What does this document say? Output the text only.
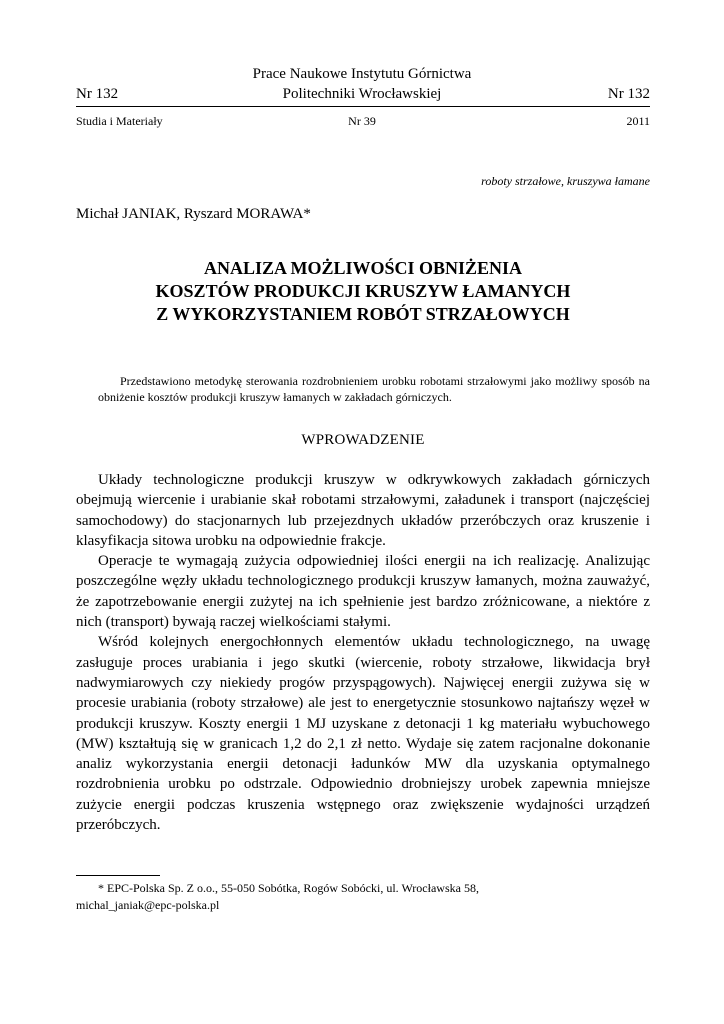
Prace Naukowe Instytutu Górnictwa
Politechniki Wrocławskiej
Nr 132	Nr 132
Studia i Materiały	Nr 39	2011
roboty strzałowe, kruszywa łamane
Michał JANIAK, Ryszard MORAWA*
ANALIZA MOŻLIWOŚCI OBNIŻENIA
KOSZTÓW PRODUKCJI KRUSZYW ŁAMANYCH
Z WYKORZYSTANIEM ROBÓT STRZAŁOWYCH
Przedstawiono metodykę sterowania rozdrobnieniem urobku robotami strzałowymi jako możliwy sposób na obniżenie kosztów produkcji kruszyw łamanych w zakładach górniczych.
WPROWADZENIE

Układy technologiczne produkcji kruszyw w odkrywkowych zakładach górniczych obejmują wiercenie i urabianie skał robotami strzałowymi, załadunek i transport (najczęściej samochodowy) do stacjonarnych lub przejezdnych układów przeróbczych oraz kruszenie i klasyfikacja sitowa urobku na odpowiednie frakcje.

Operacje te wymagają zużycia odpowiedniej ilości energii na ich realizację. Analizując poszczególne węzły układu technologicznego produkcji kruszyw łamanych, można zauważyć, że zapotrzebowanie energii zużytej na ich spełnienie jest bardzo zróżnicowane, a niektóre z nich (transport) bywają raczej wielkościami stałymi.

Wśród kolejnych energochłonnych elementów układu technologicznego, na uwagę zasługuje proces urabiania i jego skutki (wiercenie, roboty strzałowe, likwidacja brył nadwymiarowych czy niekiedy progów przyspągowych). Najwięcej energii zużywa się w procesie urabiania (roboty strzałowe) ale jest to energetycznie stosunkowo najtańszy węzeł w produkcji kruszyw. Koszty energii 1 MJ uzyskane z detonacji 1 kg materiału wybuchowego (MW) kształtują się w granicach 1,2 do 2,1 zł netto. Wydaje się zatem racjonalne dokonanie analiz wykorzystania energii detonacji ładunków MW dla uzyskania optymalnego rozdrobnienia urobku po odstrzale. Odpowiednio drobniejszy urobek zapewnia mniejsze zużycie energii podczas kruszenia wstępnego oraz zwiększenie wydajności urządzeń przeróbczych.

* EPC-Polska Sp. Z o.o., 55-050 Sobótka, Rogów Sobócki, ul. Wrocławska 58,
michal_janiak@epc-polska.pl
